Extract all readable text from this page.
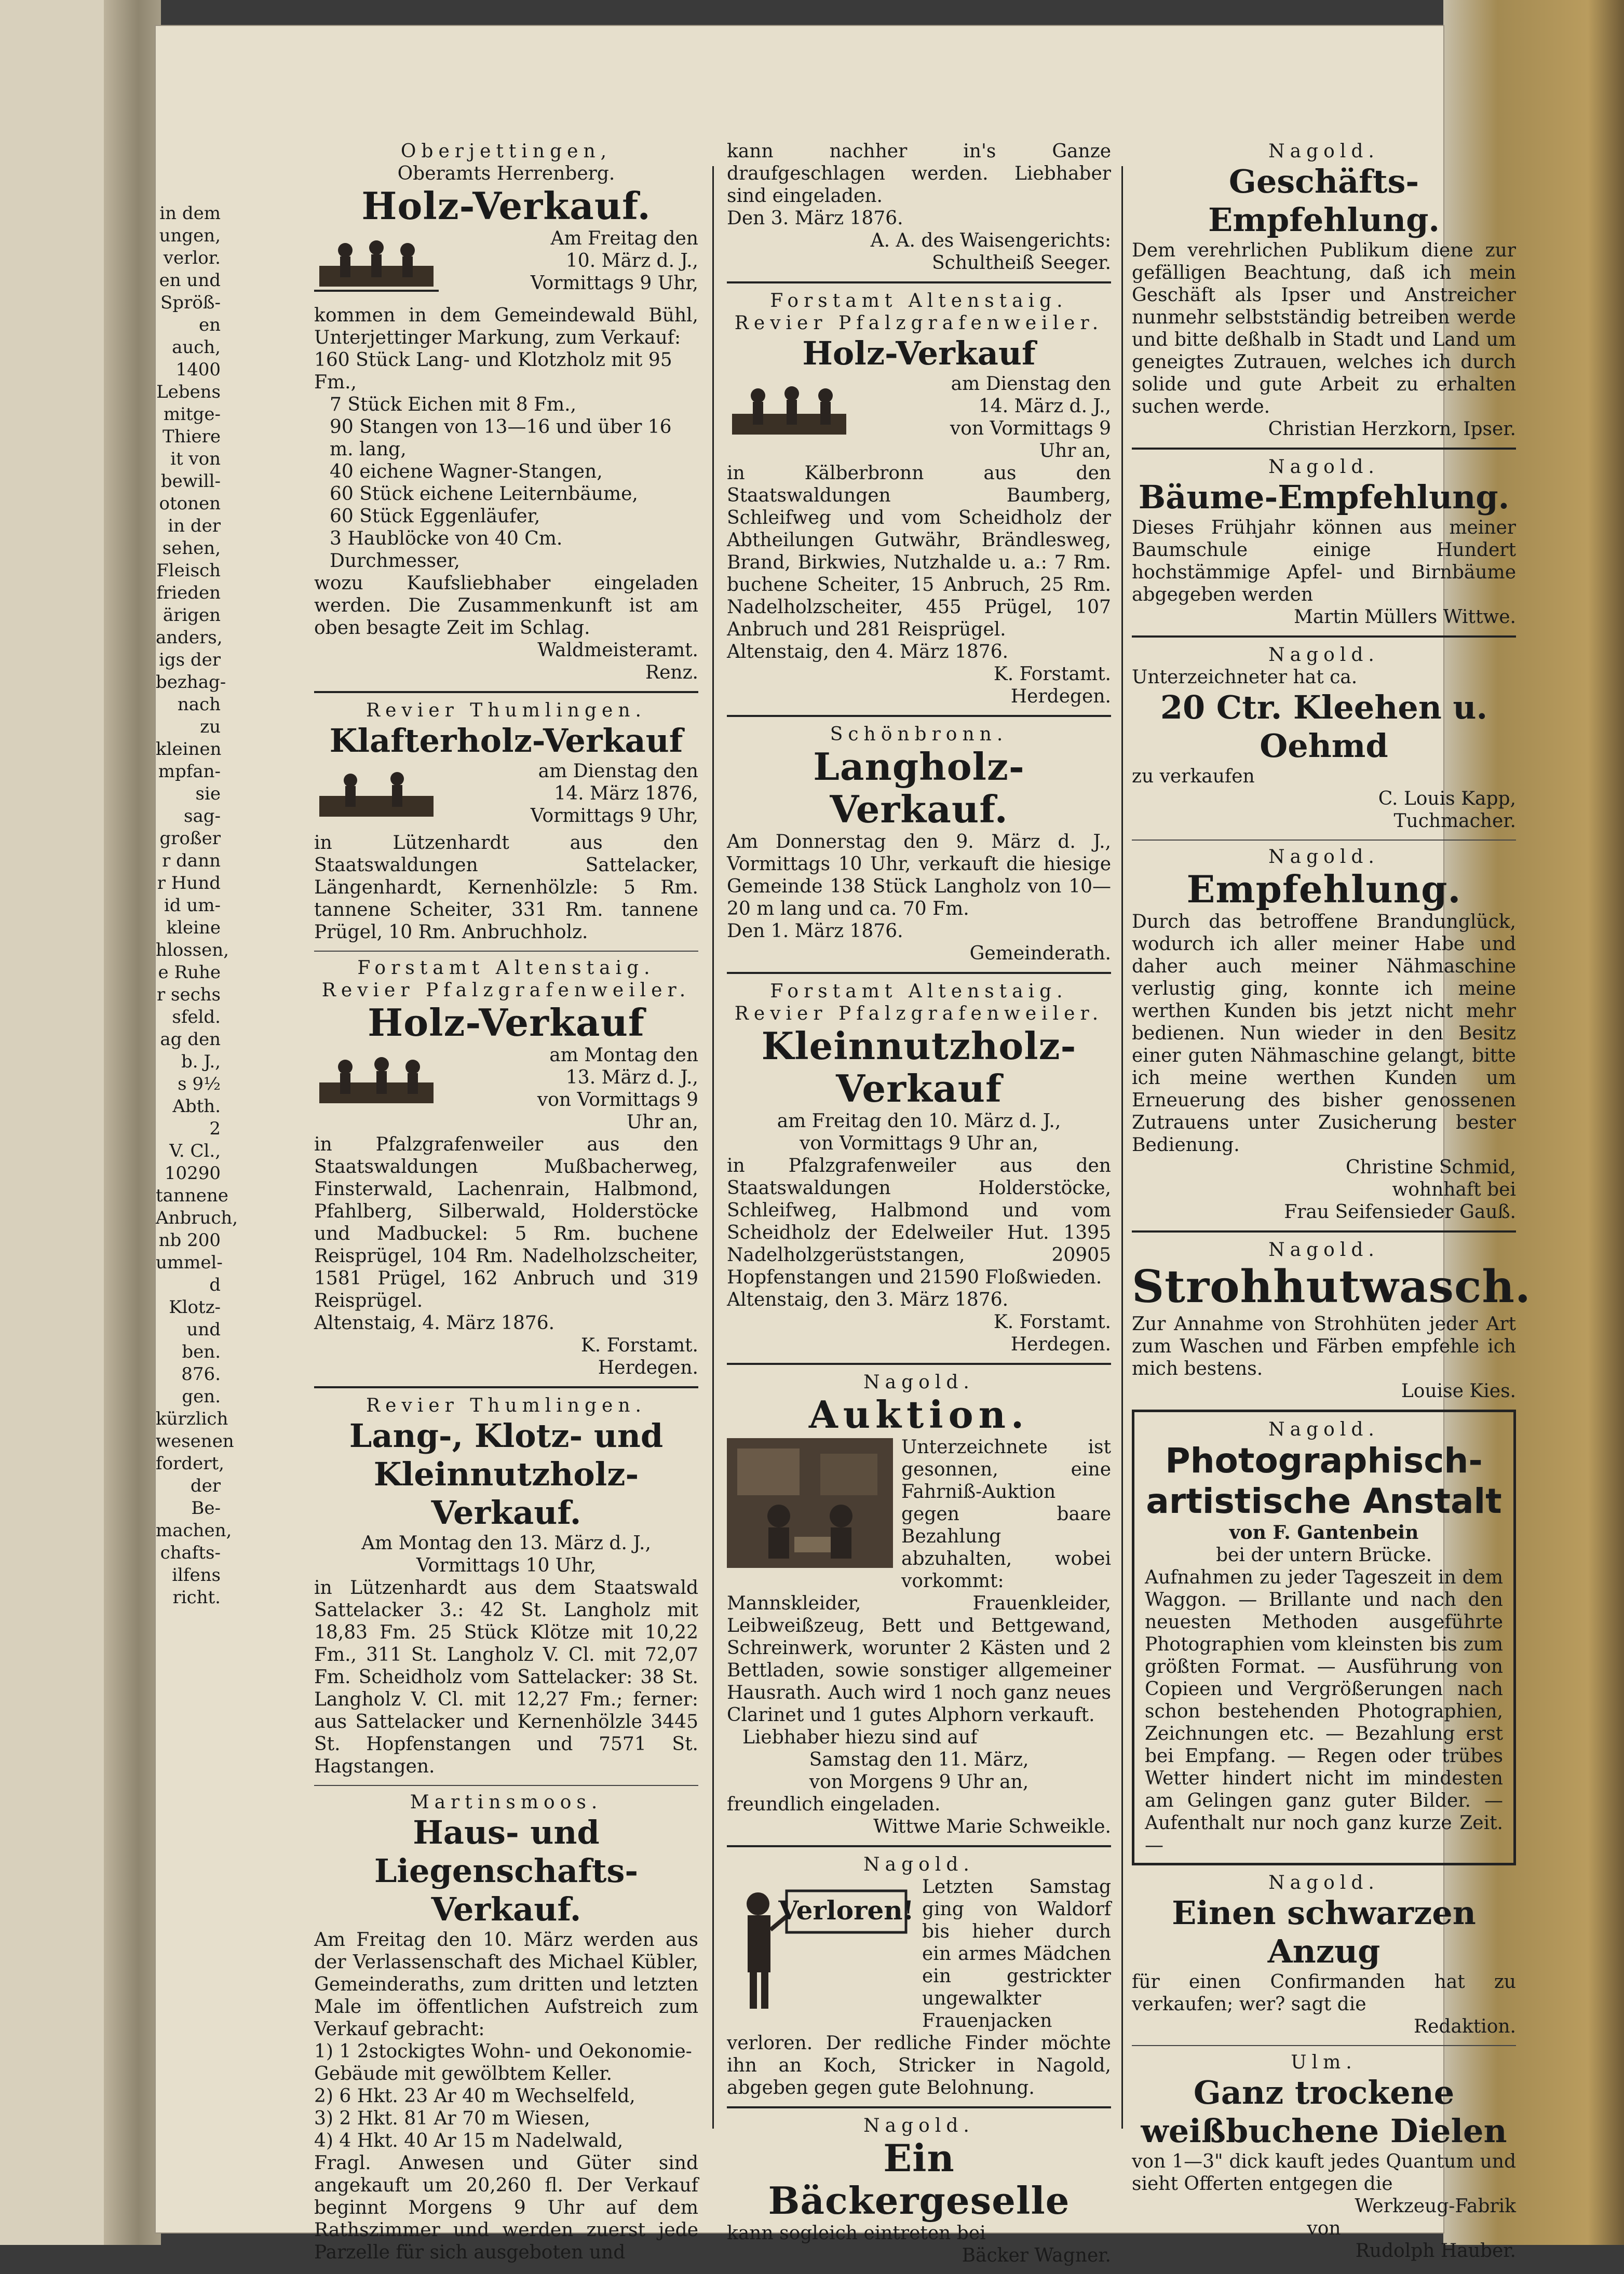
in dem

ungen,

verlor.

en und

Spröß-

en auch,

1400

Lebens

mitge-

Thiere

it von

bewill-

otonen

in der

sehen,

Fleisch

frieden

ärigen

anders,

igs der

bezhag-

nach zu

kleinen

mpfan-

sie sag-

großer

r dann

r Hund

id um-

kleine

hlossen,

e Ruhe

r sechs

sfeld.

ag den

b. J.,

s 9½

Abth. 2

V. Cl.,

10290

tannene

Anbruch,

nb 200

ummel-

d Klotz-

und

ben.

876.

gen.

kürzlich

wesenen

fordert,

der Be-

machen,

chafts-

ilfens

richt.

Oberjettingen,

Oberamts Herrenberg.

Holz-Verkauf.

Am Freitag den

10. März d. J.,

Vormittags 9 Uhr,

kommen in dem Gemeindewald Bühl, Unterjettinger Markung, zum Verkauf:

160 Stück Lang- und Klotzholz mit 95 Fm.,

7 Stück Eichen mit 8 Fm.,

90 Stangen von 13—16 und über 16 m. lang,

40 eichene Wagner-Stangen,

60 Stück eichene Leiternbäume,

60 Stück Eggenläufer,

3 Haublöcke von 40 Cm. Durchmesser,

wozu Kaufsliebhaber eingeladen werden. Die Zusammenkunft ist am oben besagte Zeit im Schlag.

Waldmeisteramt.

Renz.

Revier Thumlingen.

Klafterholz-Verkauf

am Dienstag den

14. März 1876,

Vormittags 9 Uhr,

in Lützenhardt aus den Staatswaldungen Sattelacker, Längenhardt, Kernenhölzle: 5 Rm. tannene Scheiter, 331 Rm. tannene Prügel, 10 Rm. Anbruchholz.

Forstamt Altenstaig.

Revier Pfalzgrafenweiler.

Holz-Verkauf

am Montag den

13. März d. J.,

von Vormittags 9

Uhr an,

in Pfalzgrafenweiler aus den Staatswaldungen Mußbacherweg, Finsterwald, Lachenrain, Halbmond, Pfahlberg, Silberwald, Holderstöcke und Madbuckel: 5 Rm. buchene Reisprügel, 104 Rm. Nadelholzscheiter, 1581 Prügel, 162 Anbruch und 319 Reisprügel.

Altenstaig, 4. März 1876.

K. Forstamt.

Herdegen.

Revier Thumlingen.

Lang-, Klotz- und Kleinnutzholz-Verkauf.

Am Montag den 13. März d. J.,

Vormittags 10 Uhr,

in Lützenhardt aus dem Staatswald Sattelacker 3.: 42 St. Langholz mit 18,83 Fm. 25 Stück Klötze mit 10,22 Fm., 311 St. Langholz V. Cl. mit 72,07 Fm. Scheidholz vom Sattelacker: 38 St. Langholz V. Cl. mit 12,27 Fm.; ferner: aus Sattelacker und Kernenhölzle 3445 St. Hopfenstangen und 7571 St. Hagstangen.

Martinsmoos.

Haus- und Liegenschafts-Verkauf.

Am Freitag den 10. März werden aus der Verlassenschaft des Michael Kübler, Gemeinderaths, zum dritten und letzten Male im öffentlichen Aufstreich zum Verkauf gebracht:

1) 1 2stockigtes Wohn- und Oekonomie-Gebäude mit gewölbtem Keller.

2) 6 Hkt. 23 Ar 40 m Wechselfeld,

3) 2 Hkt. 81 Ar 70 m Wiesen,

4) 4 Hkt. 40 Ar 15 m Nadelwald,

Fragl. Anwesen und Güter sind angekauft um 20,260 fl. Der Verkauf beginnt Morgens 9 Uhr auf dem Rathszimmer und werden zuerst jede Parzelle für sich ausgeboten und

kann nachher in's Ganze draufgeschlagen werden. Liebhaber sind eingeladen.

Den 3. März 1876.

A. A. des Waisengerichts:

Schultheiß Seeger.

Forstamt Altenstaig.

Revier Pfalzgrafenweiler.

Holz-Verkauf

am Dienstag den

14. März d. J.,

von Vormittags 9

Uhr an,

in Kälberbronn aus den Staatswaldungen Baumberg, Schleifweg und vom Scheidholz der Abtheilungen Gutwähr, Brändlesweg, Brand, Birkwies, Nutzhalde u. a.: 7 Rm. buchene Scheiter, 15 Anbruch, 25 Rm. Nadelholzscheiter, 455 Prügel, 107 Anbruch und 281 Reisprügel.

Altenstaig, den 4. März 1876.

K. Forstamt.

Herdegen.

Schönbronn.

Langholz-Verkauf.

Am Donnerstag den 9. März d. J., Vormittags 10 Uhr, verkauft die hiesige Gemeinde 138 Stück Langholz von 10—20 m lang und ca. 70 Fm.

Den 1. März 1876.

Gemeinderath.

Forstamt Altenstaig.

Revier Pfalzgrafenweiler.

Kleinnutzholz-Verkauf

am Freitag den 10. März d. J.,

von Vormittags 9 Uhr an,

in Pfalzgrafenweiler aus den Staatswaldungen Holderstöcke, Schleifweg, Halbmond und vom Scheidholz der Edelweiler Hut. 1395 Nadelholzgerüststangen, 20905 Hopfenstangen und 21590 Floßwieden.

Altenstaig, den 3. März 1876.

K. Forstamt.

Herdegen.

Nagold.

Auktion.

Unterzeichnete ist gesonnen, eine Fahrniß-Auktion gegen baare Bezahlung abzuhalten, wobei vorkommt: Mannskleider, Frauenkleider, Leibweißzeug, Bett und Bettgewand, Schreinwerk, worunter 2 Kästen und 2 Bettladen, sowie sonstiger allgemeiner Hausrath. Auch wird 1 noch ganz neues Clarinet und 1 gutes Alphorn verkauft.

Liebhaber hiezu sind auf

Samstag den 11. März,

von Morgens 9 Uhr an,

freundlich eingeladen.

Wittwe Marie Schweikle.

Nagold.

Verloren!

Letzten Samstag ging von Waldorf bis hieher durch ein armes Mädchen ein gestrickter ungewalkter Frauenjacken verloren. Der redliche Finder möchte ihn an Koch, Stricker in Nagold, abgeben gegen gute Belohnung.

Nagold.

Ein Bäckergeselle

kann sogleich eintreten bei

Bäcker Wagner.

Nagold.

Geschäfts-Empfehlung.

Dem verehrlichen Publikum diene zur gefälligen Beachtung, daß ich mein Geschäft als Ipser und Anstreicher nunmehr selbstständig betreiben werde und bitte deßhalb in Stadt und Land um geneigtes Zutrauen, welches ich durch solide und gute Arbeit zu erhalten suchen werde.

Christian Herzkorn, Ipser.

Nagold.

Bäume-Empfehlung.

Dieses Frühjahr können aus meiner Baumschule einige Hundert hochstämmige Apfel- und Birnbäume abgegeben werden

Martin Müllers Wittwe.

Nagold.

Unterzeichneter hat ca.

20 Ctr. Kleehen u. Oehmd

zu verkaufen

C. Louis Kapp,

Tuchmacher.

Nagold.

Empfehlung.

Durch das betroffene Brandunglück, wodurch ich aller meiner Habe und daher auch meiner Nähmaschine verlustig ging, konnte ich meine werthen Kunden bis jetzt nicht mehr bedienen. Nun wieder in den Besitz einer guten Nähmaschine gelangt, bitte ich meine werthen Kunden um Erneuerung des bisher genossenen Zutrauens unter Zusicherung bester Bedienung.

Christine Schmid,

wohnhaft bei

Frau Seifensieder Gauß.

Nagold.

Strohhutwasch.

Zur Annahme von Strohhüten jeder Art zum Waschen und Färben empfehle ich mich bestens.

Louise Kies.

Nagold.

Photographisch-

artistische Anstalt

von F. Gantenbein

bei der untern Brücke.

Aufnahmen zu jeder Tageszeit in dem Waggon. — Brillante und nach den neuesten Methoden ausgeführte Photographien vom kleinsten bis zum größten Format. — Ausführung von Copieen und Vergrößerungen nach schon bestehenden Photographien, Zeichnungen etc. — Bezahlung erst bei Empfang. — Regen oder trübes Wetter hindert nicht im mindesten am Gelingen ganz guter Bilder. — Aufenthalt nur noch ganz kurze Zeit. —

Nagold.

Einen schwarzen Anzug

für einen Confirmanden hat zu verkaufen; wer? sagt die

Redaktion.

Ulm.

Ganz trockene weißbuchene Dielen

von 1—3" dick kauft jedes Quantum und sieht Offerten entgegen die

Werkzeug-Fabrik

von

Rudolph Hauber.
